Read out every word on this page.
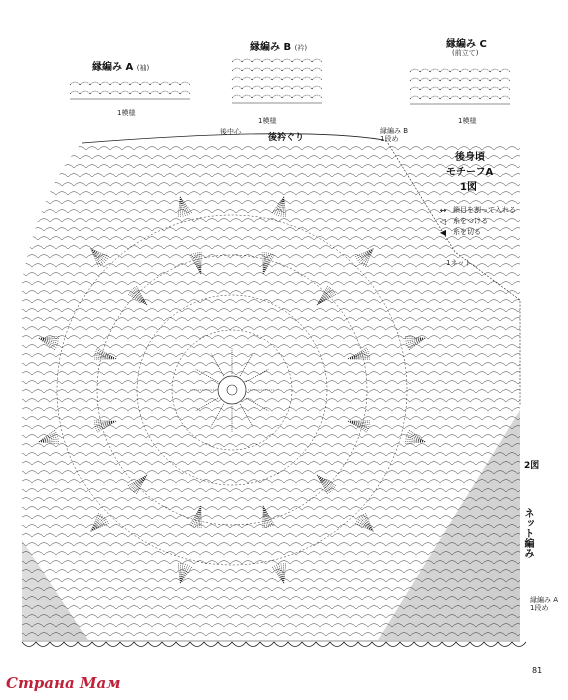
縁編み A (袖)
1模様
縁編み B (衿)
1模様
縁編み C
(前立て)
1模様
後中心
後衿ぐり
縁編み B
1段め
後身頃
モチーフA
1図
↔ 鎖目を割って入れる
◁ 糸をつける
◀ 糸を切る
1ネット
2図
ネット編み
縁編み A
1段め
81
Страна Мам
